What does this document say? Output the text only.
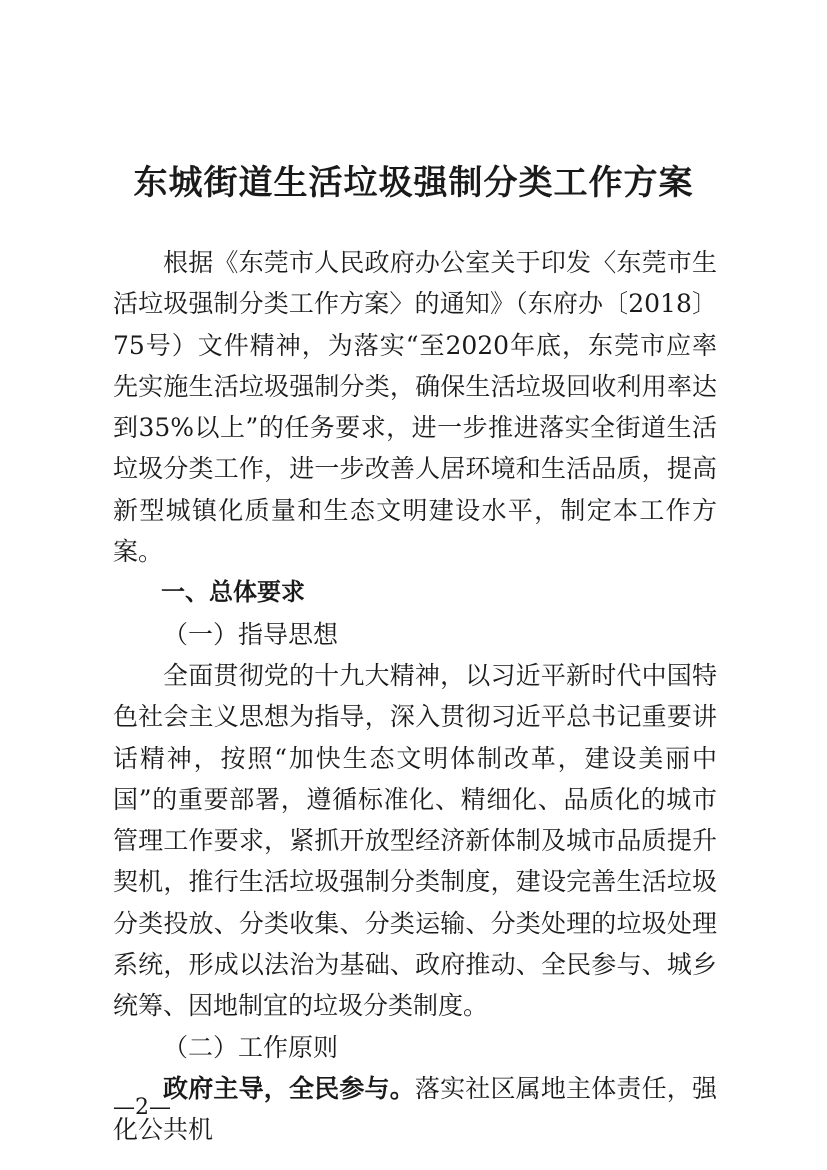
东城街道生活垃圾强制分类工作方案

根据《东莞市人民政府办公室关于印发〈东莞市生活垃圾强制分类工作方案〉的通知》（东府办〔2018〕75号）文件精神，为落实“至2020年底，东莞市应率先实施生活垃圾强制分类，确保生活垃圾回收利用率达到35%以上”的任务要求，进一步推进落实全街道生活垃圾分类工作，进一步改善人居环境和生活品质，提高新型城镇化质量和生态文明建设水平，制定本工作方案。

一、总体要求

（一）指导思想

全面贯彻党的十九大精神，以习近平新时代中国特色社会主义思想为指导，深入贯彻习近平总书记重要讲话精神，按照“加快生态文明体制改革，建设美丽中国”的重要部署，遵循标准化、精细化、品质化的城市管理工作要求，紧抓开放型经济新体制及城市品质提升契机，推行生活垃圾强制分类制度，建设完善生活垃圾分类投放、分类收集、分类运输、分类处理的垃圾处理系统，形成以法治为基础、政府推动、全民参与、城乡统筹、因地制宜的垃圾分类制度。

（二）工作原则

政府主导，全民参与。落实社区属地主体责任，强化公共机

—2—
